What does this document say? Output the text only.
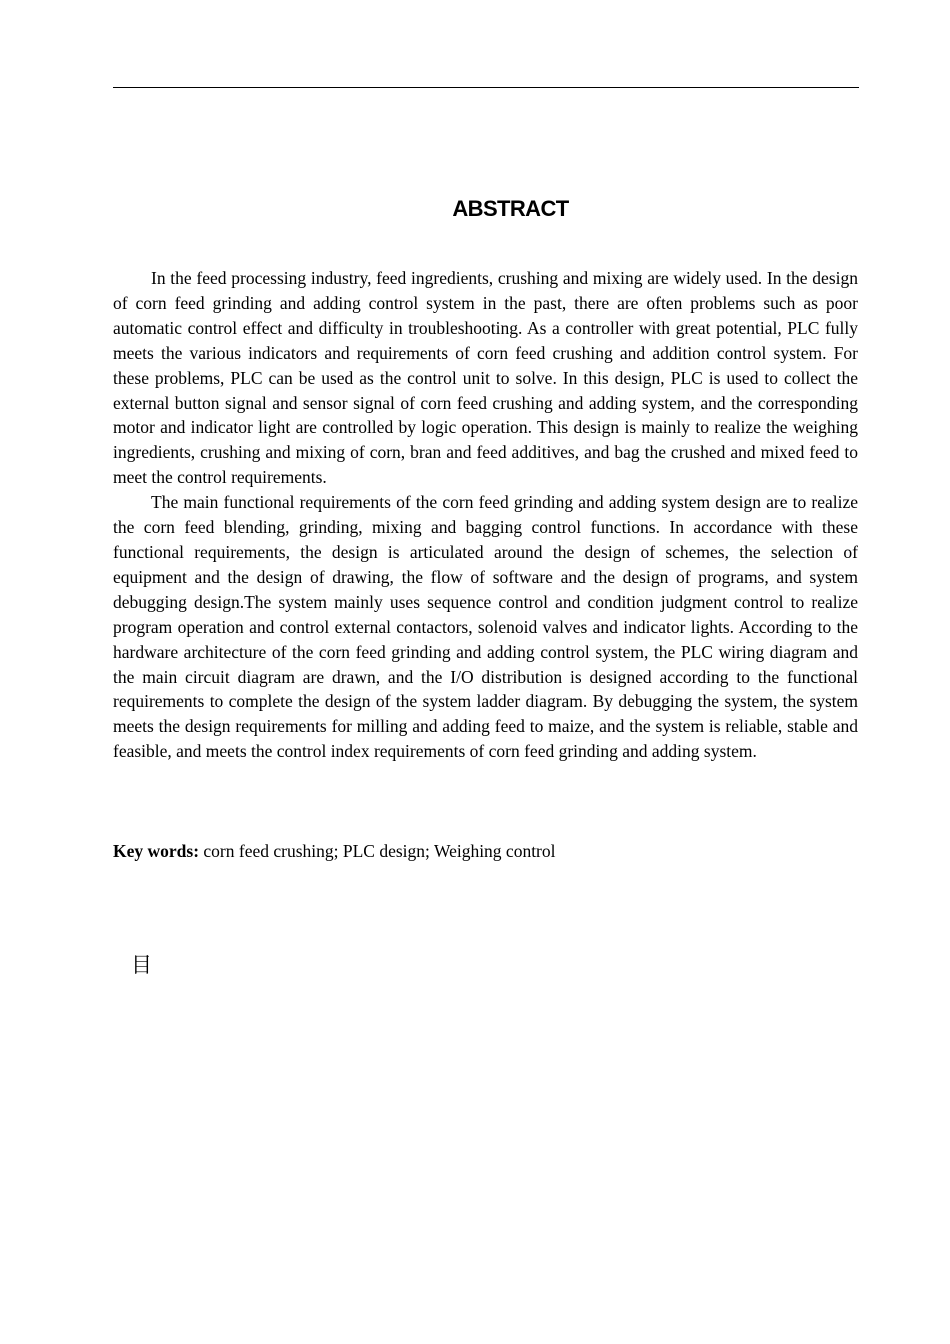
ABSTRACT

In the feed processing industry, feed ingredients, crushing and mixing are widely used. In the design of corn feed grinding and adding control system in the past, there are often problems such as poor automatic control effect and difficulty in troubleshooting. As a controller with great potential, PLC fully meets the various indicators and requirements of corn feed crushing and addition control system. For these problems, PLC can be used as the control unit to solve. In this design, PLC is used to collect the external button signal and sensor signal of corn feed crushing and adding system, and the corresponding motor and indicator light are controlled by logic operation. This design is mainly to realize the weighing ingredients, crushing and mixing of corn, bran and feed additives, and bag the crushed and mixed feed to meet the control requirements.

The main functional requirements of the corn feed grinding and adding system design are to realize the corn feed blending, grinding, mixing and bagging control functions. In accordance with these functional requirements, the design is articulated around the design of schemes, the selection of equipment and the design of drawing, the flow of software and the design of programs, and system debugging design.The system mainly uses sequence control and condition judgment control to realize program operation and control external contactors, solenoid valves and indicator lights. According to the hardware architecture of the corn feed grinding and adding control system, the PLC wiring diagram and the main circuit diagram are drawn, and the I/O distribution is designed according to the functional requirements to complete the design of the system ladder diagram. By debugging the system, the system meets the design requirements for milling and adding feed to maize, and the system is reliable, stable and feasible, and meets the control index requirements of corn feed grinding and adding system.

Key words: corn feed crushing; PLC design; Weighing control

目
